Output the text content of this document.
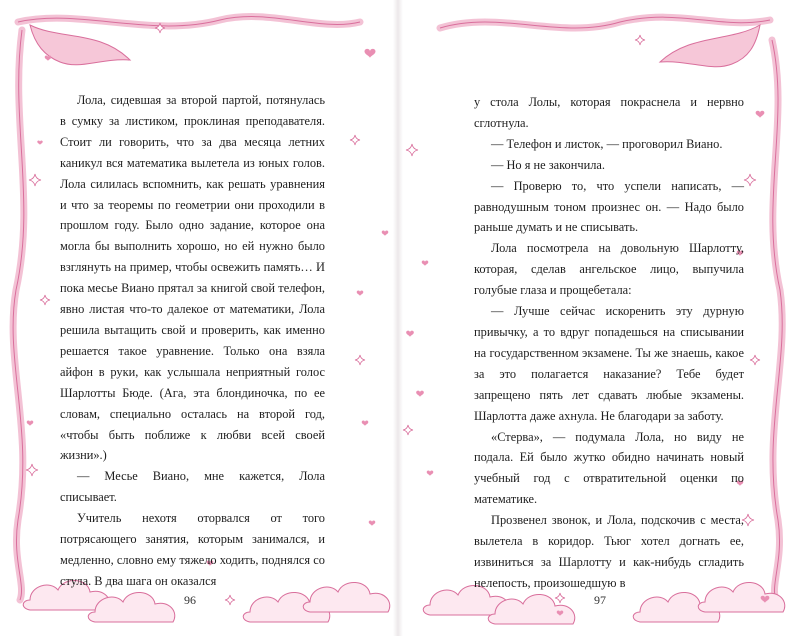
Лола, сидевшая за второй партой, потянулась в сумку за листиком, проклиная преподавателя. Стоит ли говорить, что за два месяца летних каникул вся математика вылетела из юных голов. Лола силилась вспомнить, как решать уравнения и что за теоремы по геометрии они проходили в прошлом году. Было одно задание, которое она могла бы выполнить хорошо, но ей нужно было взглянуть на пример, чтобы освежить память… И пока месье Виано прятал за книгой свой телефон, явно листая что-то далекое от математики, Лола решила вытащить свой и проверить, как именно решается такое уравнение. Только она взяла айфон в руки, как услышала неприятный голос Шарлотты Бюде. (Ага, эта блондиночка, по ее словам, специально осталась на второй год, «чтобы быть поближе к любви всей своей жизни».)

— Месье Виано, мне кажется, Лола списывает.

Учитель нехотя оторвался от того потрясающего занятия, которым занимался, и медленно, словно ему тяжело ходить, поднялся со стула. В два шага он оказался

96

у стола Лолы, которая покраснела и нервно сглотнула.

— Телефон и листок, — проговорил Виано.

— Но я не закончила.

— Проверю то, что успели написать, — равнодушным тоном произнес он. — Надо было раньше думать и не списывать.

Лола посмотрела на довольную Шарлотту, которая, сделав ангельское лицо, выпучила голубые глаза и прощебетала:

— Лучше сейчас искоренить эту дурную привычку, а то вдруг попадешься на списывании на государственном экзамене. Ты же знаешь, какое за это полагается наказание? Тебе будет запрещено пять лет сдавать любые экзамены. Шарлотта даже ахнула. Не благодари за заботу.

«Стерва», — подумала Лола, но виду не подала. Ей было жутко обидно начинать новый учебный год с отвратительной оценки по математике.

Прозвенел звонок, и Лола, подскочив с места, вылетела в коридор. Тьюг хотел догнать ее, извиниться за Шарлотту и как-нибудь сгладить нелепость, произошедшую в

97
